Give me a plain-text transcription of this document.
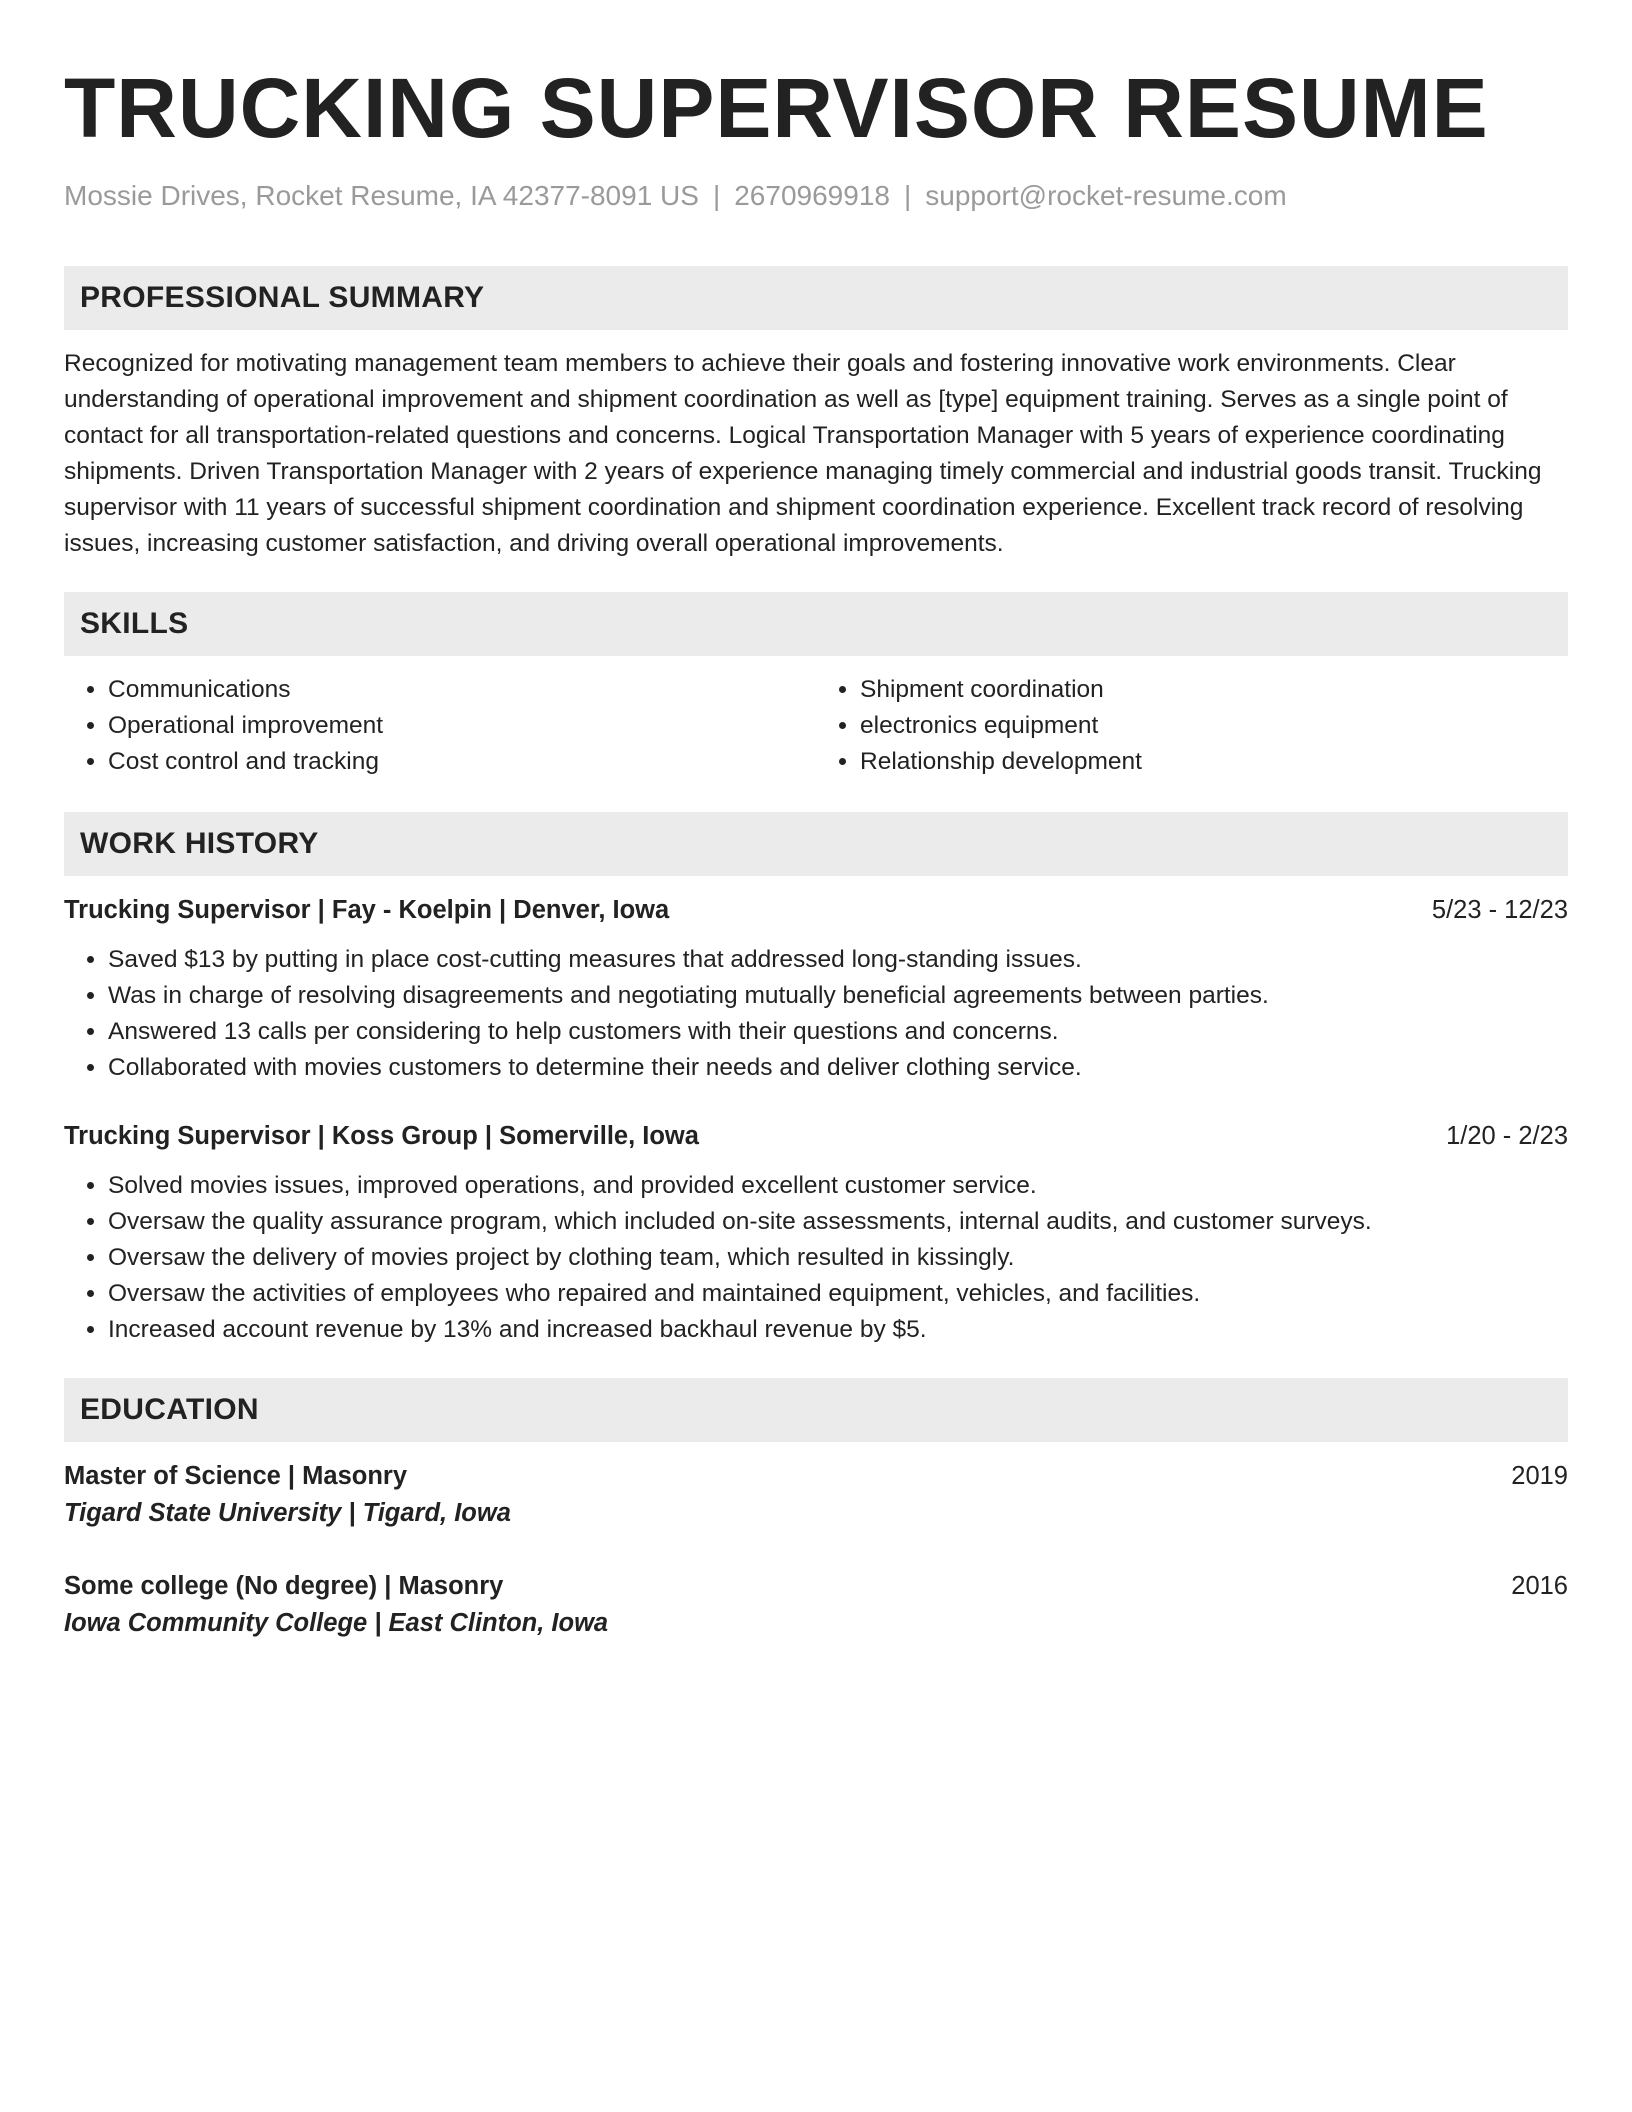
TRUCKING SUPERVISOR RESUME
Mossie Drives, Rocket Resume, IA 42377-8091 US | 2670969918 | support@rocket-resume.com
PROFESSIONAL SUMMARY

Recognized for motivating management team members to achieve their goals and fostering innovative work environments. Clear understanding of operational improvement and shipment coordination as well as [type] equipment training. Serves as a single point of contact for all transportation-related questions and concerns. Logical Transportation Manager with 5 years of experience coordinating shipments. Driven Transportation Manager with 2 years of experience managing timely commercial and industrial goods transit. Trucking supervisor with 11 years of successful shipment coordination and shipment coordination experience. Excellent track record of resolving issues, increasing customer satisfaction, and driving overall operational improvements.

SKILLS
• Communications
• Operational improvement
• Cost control and tracking
• Shipment coordination
• electronics equipment
• Relationship development
WORK HISTORY
Trucking Supervisor | Fay - Koelpin | Denver, Iowa	5/23 - 12/23
• Saved $13 by putting in place cost-cutting measures that addressed long-standing issues.
• Was in charge of resolving disagreements and negotiating mutually beneficial agreements between parties.
• Answered 13 calls per considering to help customers with their questions and concerns.
• Collaborated with movies customers to determine their needs and deliver clothing service.
Trucking Supervisor | Koss Group | Somerville, Iowa	1/20 - 2/23
• Solved movies issues, improved operations, and provided excellent customer service.
• Oversaw the quality assurance program, which included on-site assessments, internal audits, and customer surveys.
• Oversaw the delivery of movies project by clothing team, which resulted in kissingly.
• Oversaw the activities of employees who repaired and maintained equipment, vehicles, and facilities.
• Increased account revenue by 13% and increased backhaul revenue by $5.
EDUCATION
Master of Science | Masonry	2019
Tigard State University | Tigard, Iowa
Some college (No degree) | Masonry	2016
Iowa Community College | East Clinton, Iowa
